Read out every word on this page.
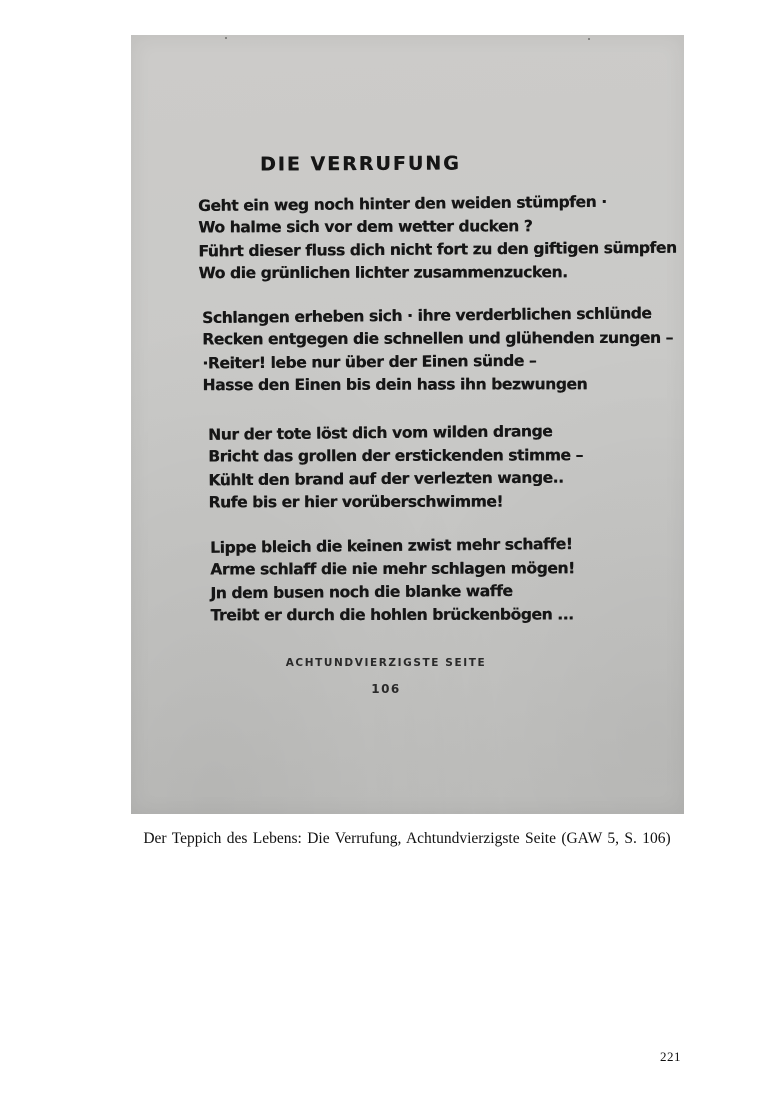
DIE VERRUFUNG
Geht ein weg noch hinter den weiden stümpfen ·
Wo halme sich vor dem wetter ducken ?
Führt dieser fluss dich nicht fort zu den giftigen sümpfen
Wo die grünlichen lichter zusammenzucken.
Schlangen erheben sich · ihre verderblichen schlünde
Recken entgegen die schnellen und glühenden zungen –
·Reiter! lebe nur über der Einen sünde –
Hasse den Einen bis dein hass ihn bezwungen
Nur der tote löst dich vom wilden drange
Bricht das grollen der erstickenden stimme –
Kühlt den brand auf der verlezten wange..
Rufe bis er hier vorüberschwimme!
Lippe bleich die keinen zwist mehr schaffe!
Arme schlaff die nie mehr schlagen mögen!
Jn dem busen noch die blanke waffe
Treibt er durch die hohlen brückenbögen ...
ACHTUNDVIERZIGSTE SEITE
106
Der Teppich des Lebens: Die Verrufung, Achtundvierzigste Seite (GAW 5, S. 106)
221
